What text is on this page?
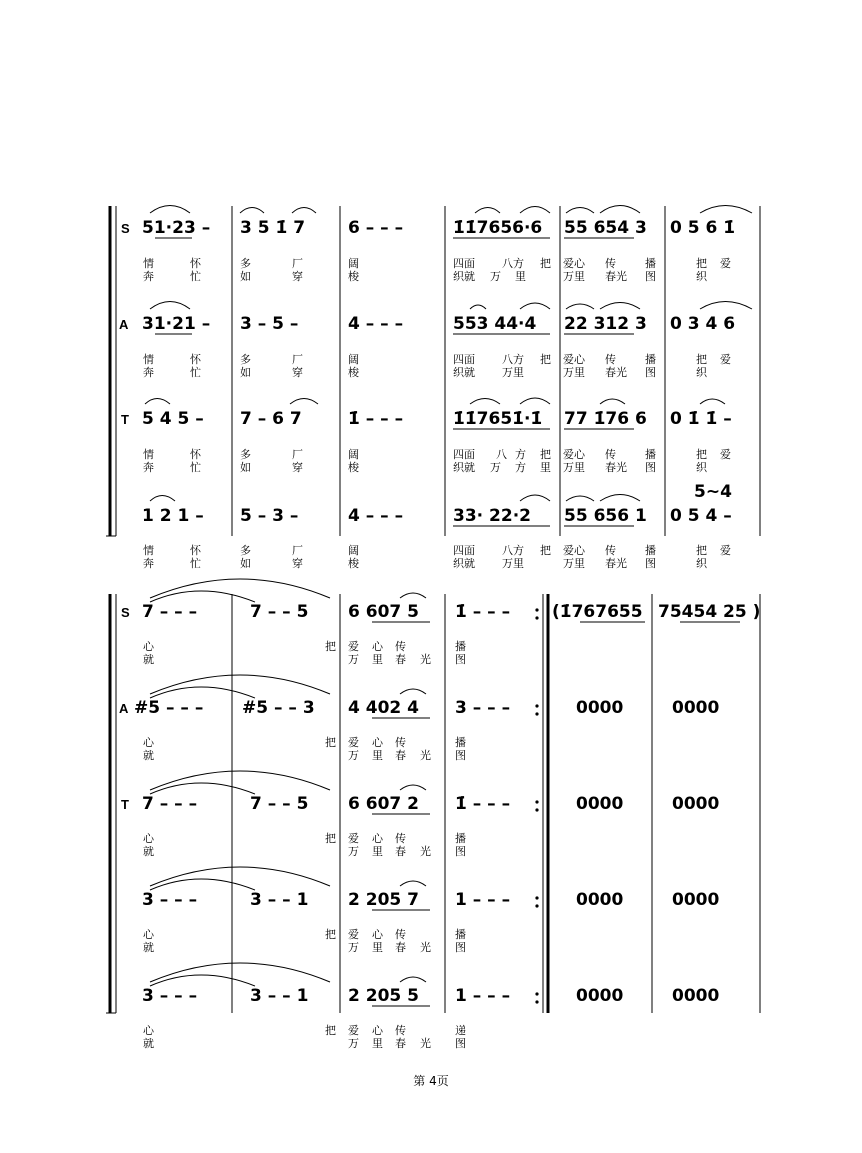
S 51·23 – 3 5 1̇ 7	6 – – –	1̇1̇7656·6 55 654 3 0 5 6 1̇
情	怀	多	厂	阔	四面 八方 把 爱心 传	播	把 爱
奔	忙	如	穿	梭	织就 万 里	万里 春光 图	织
A 31·21 – 3 – 5 –	4 – – –	553 44·4 22 312 3 0 3 4 6
情	怀	多	厂	阔	四面 八方 把 爱心 传	播	把 爱
奔	忙	如	穿	梭	织就 万里	万里 春光 图	织
T 5 4 5 – 7 – 6 7	1̇ – – –	1̇1̇7651̇·1̇ 77 1̇76 6 0 1̇ 1̇ –
情	怀	多	厂	阔	四面 八 方 把 爱心 传	播	把 爱
奔	忙	如	穿	梭	织就 万 方 里 万里 春光 图	织
5~4
1 2 1 – 5 – 3 –	4 – – –	33· 22·2 55 656 1 0 5 4 –
情	怀	多	厂	阔	四面 八方 把 爱心 传	播	把 爱
奔	忙	如	穿	梭	织就 万里	万里 春光 图	织
S 7 – – –	7 – – 5 6 607 5 1̇ – – – (1̇767655 75454 25 )
心	把 爱 心 传	播
就	万 里 春 光 图
A #5 – – – #5 – – 3 4 402 4 3 – – –	0000	0000
心	把 爱 心 传	播
就	万 里 春 光 图
T 7 – – –	7 – – 5 6 607 2 1̇ – – –	0000	0000
心	把 爱 心 传	播
就	万 里 春 光 图
3 – – –	3 – – 1 2 205 7 1 – – –	0000	0000
心	把 爱 心 传	播
就	万 里 春 光 图
3 – – –	3 – – 1 2 205 5 1 – – –	0000	0000
心	把 爱 心 传	递
就	万 里 春 光 图
第 4页
